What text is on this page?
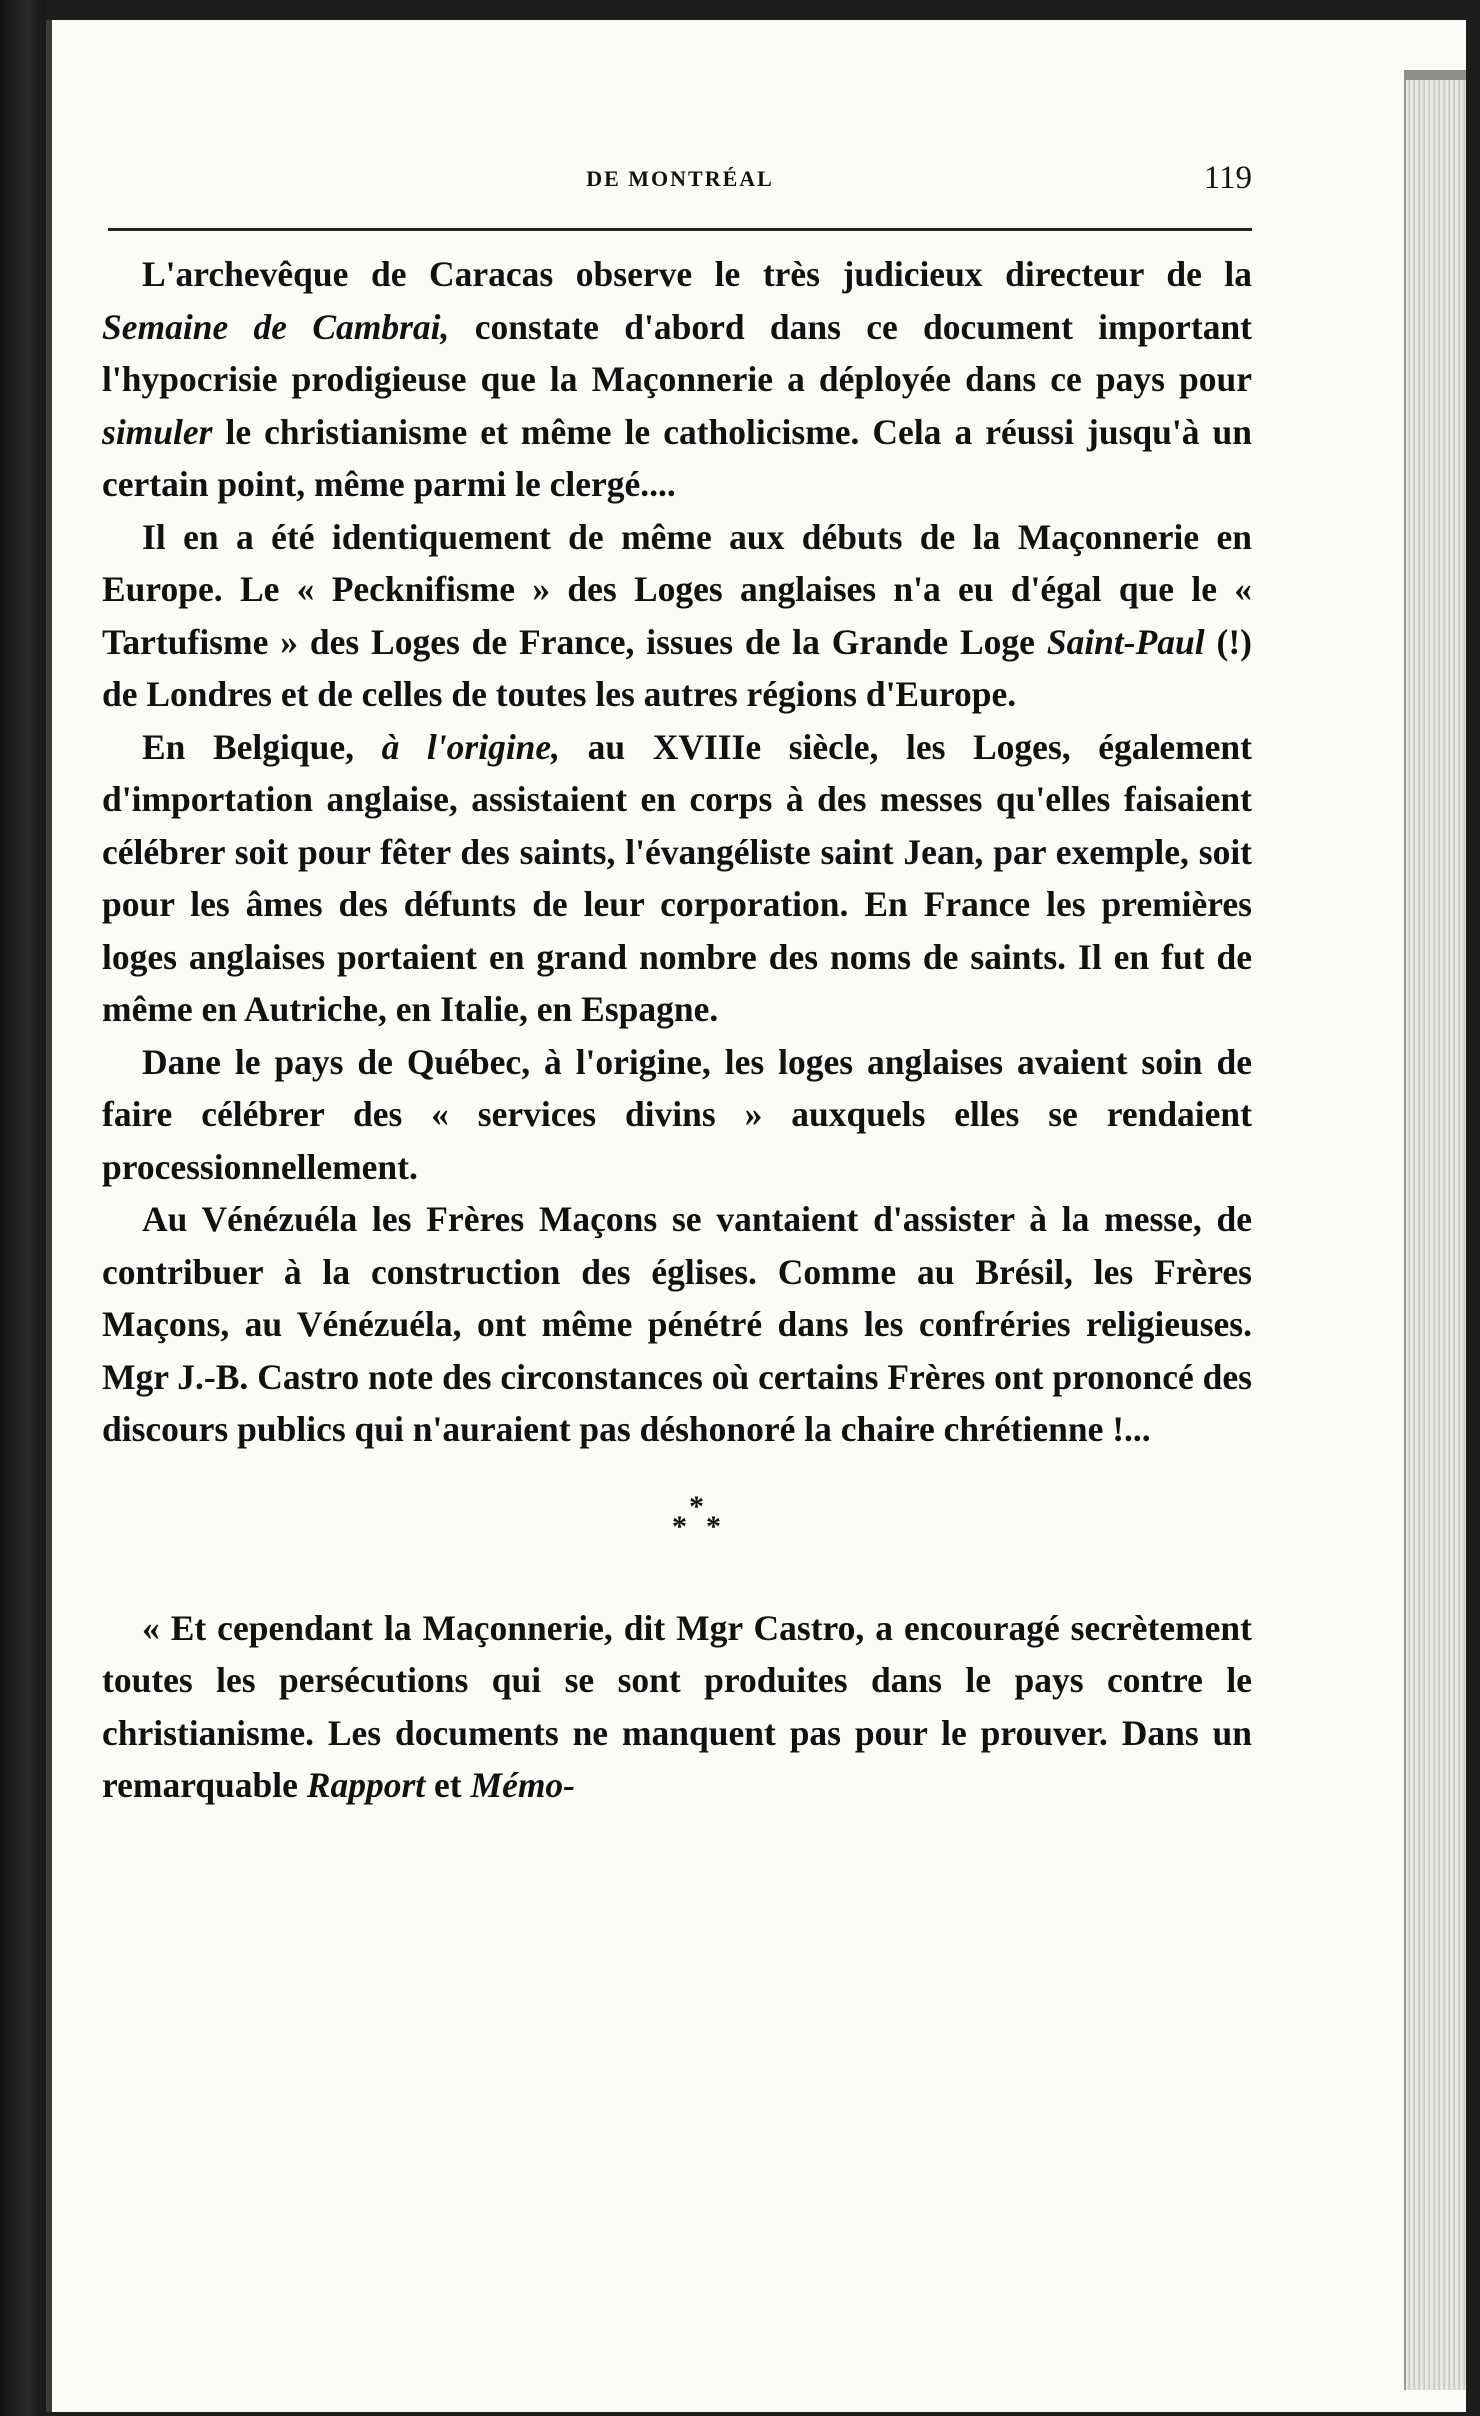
DE MONTRÉAL	119

L'archevêque de Caracas observe le très judicieux directeur de la Semaine de Cambrai, constate d'abord dans ce document important l'hypocrisie prodigieuse que la Maçonnerie a déployée dans ce pays pour simuler le christianisme et même le catholicisme. Cela a réussi jusqu'à un certain point, même parmi le clergé....

Il en a été identiquement de même aux débuts de la Maçonnerie en Europe. Le « Pecknifisme » des Loges anglaises n'a eu d'égal que le « Tartufisme » des Loges de France, issues de la Grande Loge Saint-Paul (!) de Londres et de celles de toutes les autres régions d'Europe.

En Belgique, à l'origine, au XVIIIe siècle, les Loges, également d'importation anglaise, assistaient en corps à des messes qu'elles faisaient célébrer soit pour fêter des saints, l'évangéliste saint Jean, par exemple, soit pour les âmes des défunts de leur corporation. En France les premières loges anglaises portaient en grand nombre des noms de saints. Il en fut de même en Autriche, en Italie, en Espagne.

Dane le pays de Québec, à l'origine, les loges anglaises avaient soin de faire célébrer des « services divins » auxquels elles se rendaient processionnellement.

Au Vénézuéla les Frères Maçons se vantaient d'assister à la messe, de contribuer à la construction des églises. Comme au Brésil, les Frères Maçons, au Vénézuéla, ont même pénétré dans les confréries religieuses. Mgr J.-B. Castro note des circonstances où certains Frères ont prononcé des discours publics qui n'auraient pas déshonoré la chaire chrétienne !...

*
*
*

« Et cependant la Maçonnerie, dit Mgr Castro, a encouragé secrètement toutes les persécutions qui se sont produites dans le pays contre le christianisme. Les documents ne manquent pas pour le prouver. Dans un remarquable Rapport et Mémo-
